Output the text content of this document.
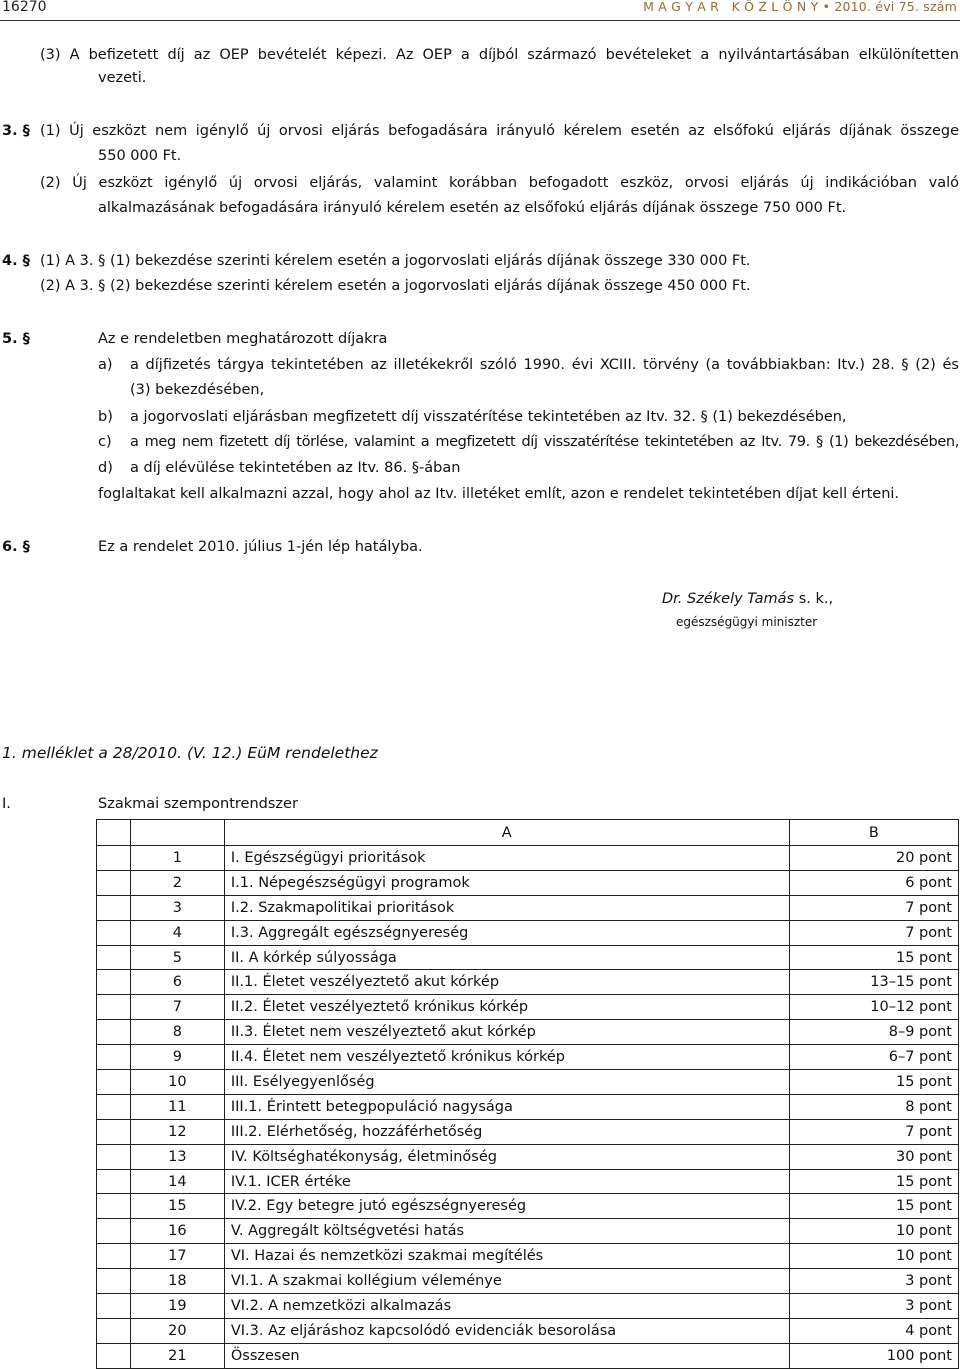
16270	M A G Y A R   K Ö Z L Ö N Y • 2010. évi 75. szám
(3) A befizetett díj az OEP bevételét képezi. Az OEP a díjból származó bevételeket a nyilvántartásában elkülönítetten
vezeti.
3. § (1) Új eszközt nem igénylő új orvosi eljárás befogadására irányuló kérelem esetén az elsőfokú eljárás díjának összege
550 000 Ft.
(2) Új eszközt igénylő új orvosi eljárás, valamint korábban befogadott eszköz, orvosi eljárás új indikációban való
alkalmazásának befogadására irányuló kérelem esetén az elsőfokú eljárás díjának összege 750 000 Ft.
4. § (1) A 3. § (1) bekezdése szerinti kérelem esetén a jogorvoslati eljárás díjának összege 330 000 Ft.
(2) A 3. § (2) bekezdése szerinti kérelem esetén a jogorvoslati eljárás díjának összege 450 000 Ft.
5. §	Az e rendeletben meghatározott díjakra
a) a díjfizetés tárgya tekintetében az illetékekről szóló 1990. évi XCIII. törvény (a továbbiakban: Itv.) 28. § (2) és
(3) bekezdésében,
b) a jogorvoslati eljárásban megfizetett díj visszatérítése tekintetében az Itv. 32. § (1) bekezdésében,
c) a meg nem fizetett díj törlése, valamint a megfizetett díj visszatérítése tekintetében az Itv. 79. § (1) bekezdésében,
d) a díj elévülése tekintetében az Itv. 86. §-ában
foglaltakat kell alkalmazni azzal, hogy ahol az Itv. illetéket említ, azon e rendelet tekintetében díjat kell érteni.
6. §	Ez a rendelet 2010. július 1-jén lép hatályba.
Dr. Székely Tamás s. k.,
egészségügyi miniszter
1. melléklet a 28/2010. (V. 12.) EüM rendelethez
I.	Szakmai szempontrendszer
		A	B
	1	I. Egészségügyi prioritások	20 pont
	2	I.1. Népegészségügyi programok	6 pont
	3	I.2. Szakmapolitikai prioritások	7 pont
	4	I.3. Aggregált egészségnyereség	7 pont
	5	II. A kórkép súlyossága	15 pont
	6	II.1. Életet veszélyeztető akut kórkép	13–15 pont
	7	II.2. Életet veszélyeztető krónikus kórkép	10–12 pont
	8	II.3. Életet nem veszélyeztető akut kórkép	8–9 pont
	9	II.4. Életet nem veszélyeztető krónikus kórkép	6–7 pont
	10	III. Esélyegyenlőség	15 pont
	11	III.1. Érintett betegpopuláció nagysága	8 pont
	12	III.2. Elérhetőség, hozzáférhetőség	7 pont
	13	IV. Költséghatékonyság, életminőség	30 pont
	14	IV.1. ICER értéke	15 pont
	15	IV.2. Egy betegre jutó egészségnyereség	15 pont
	16	V. Aggregált költségvetési hatás	10 pont
	17	VI. Hazai és nemzetközi szakmai megítélés	10 pont
	18	VI.1. A szakmai kollégium véleménye	3 pont
	19	VI.2. A nemzetközi alkalmazás	3 pont
	20	VI.3. Az eljáráshoz kapcsolódó evidenciák besorolása	4 pont
	21	Összesen	100 pont
